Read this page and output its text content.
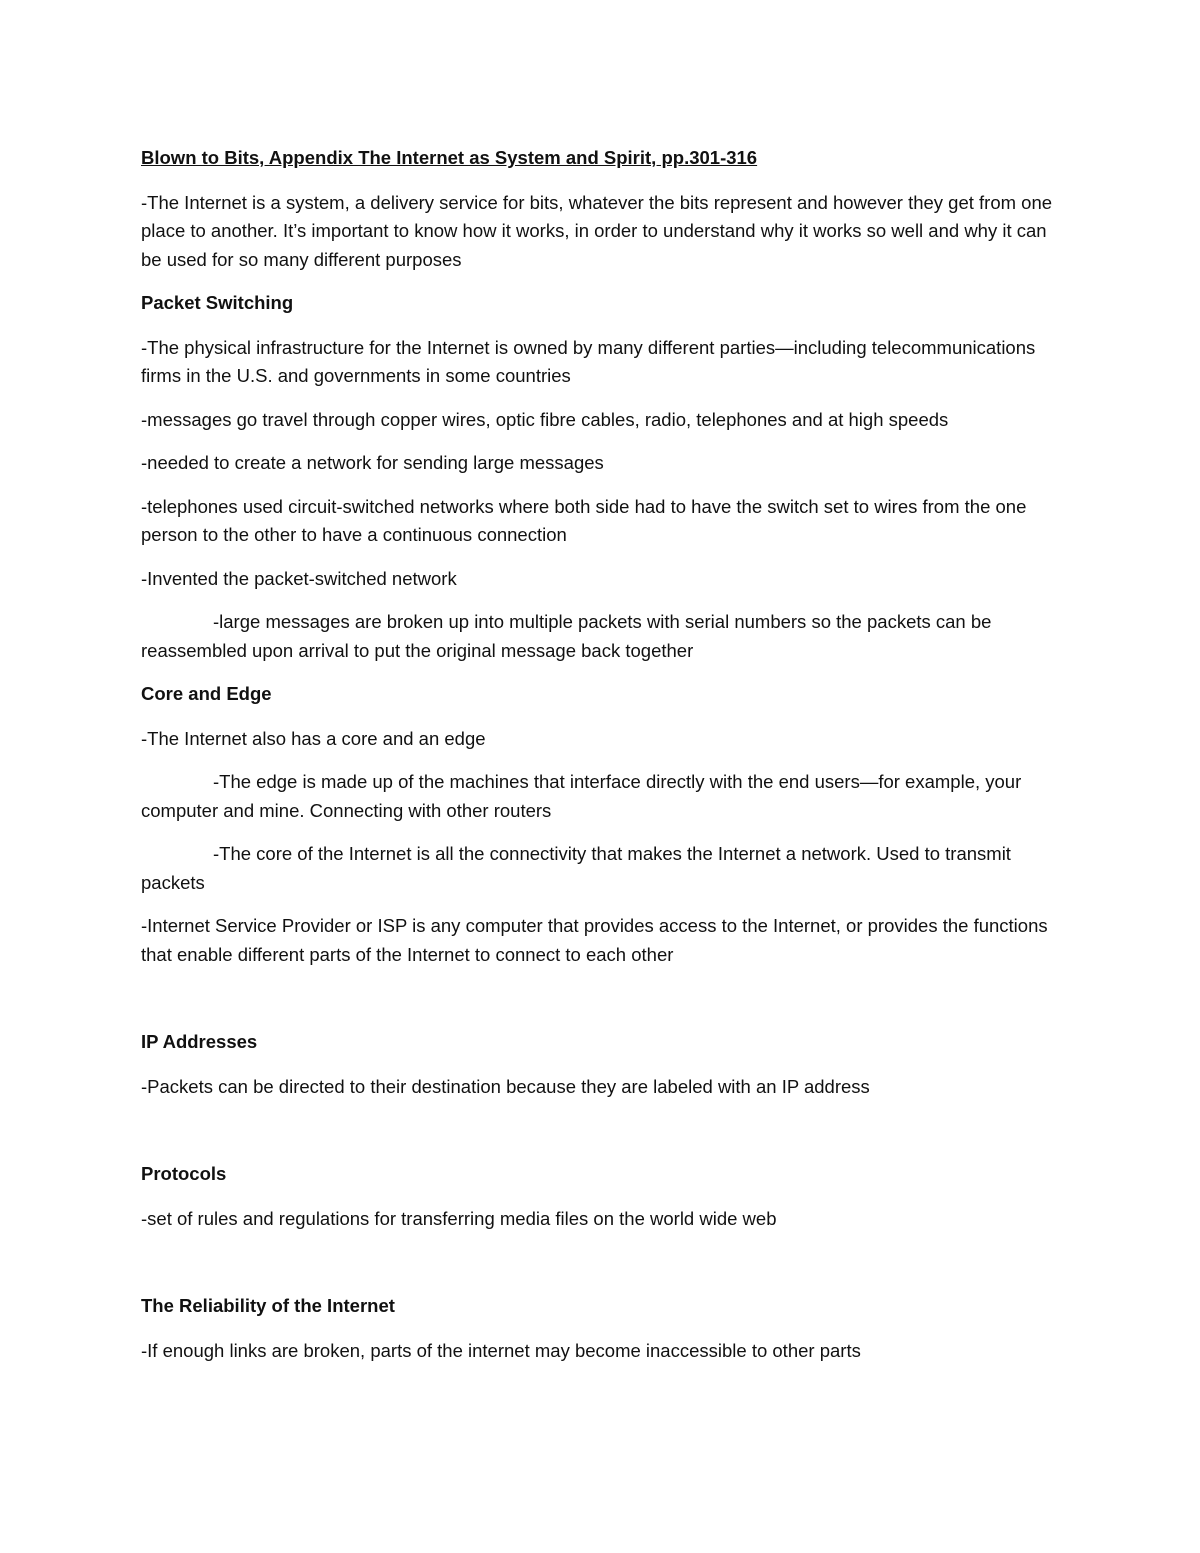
Blown to Bits, Appendix The Internet as System and Spirit, pp.301-316
-The Internet is a system, a delivery service for bits, whatever the bits represent and however they get from one place to another. It’s important to know how it works, in order to understand why it works so well and why it can be used for so many different purposes
Packet Switching
-The physical infrastructure for the Internet is owned by many different parties—including telecommunications firms in the U.S. and governments in some countries
-messages go travel through copper wires, optic fibre cables, radio, telephones and at high speeds
-needed to create a network for sending large messages
-telephones used circuit-switched networks where both side had to have the switch set to wires from the one person to the other to have a continuous connection
-Invented the packet-switched network
-large messages are broken up into multiple packets with serial numbers so the packets can be reassembled upon arrival to put the original message back together
Core and Edge
-The Internet also has a core and an edge
-The edge is made up of the machines that interface directly with the end users—for example, your computer and mine. Connecting with other routers
-The core of the Internet is all the connectivity that makes the Internet a network. Used to transmit packets
-Internet Service Provider or ISP is any computer that provides access to the Internet, or provides the functions that enable different parts of the Internet to connect to each other
IP Addresses
-Packets can be directed to their destination because they are labeled with an IP address
Protocols
-set of rules and regulations for transferring media files on the world wide web
The Reliability of the Internet
-If enough links are broken, parts of the internet may become inaccessible to other parts
